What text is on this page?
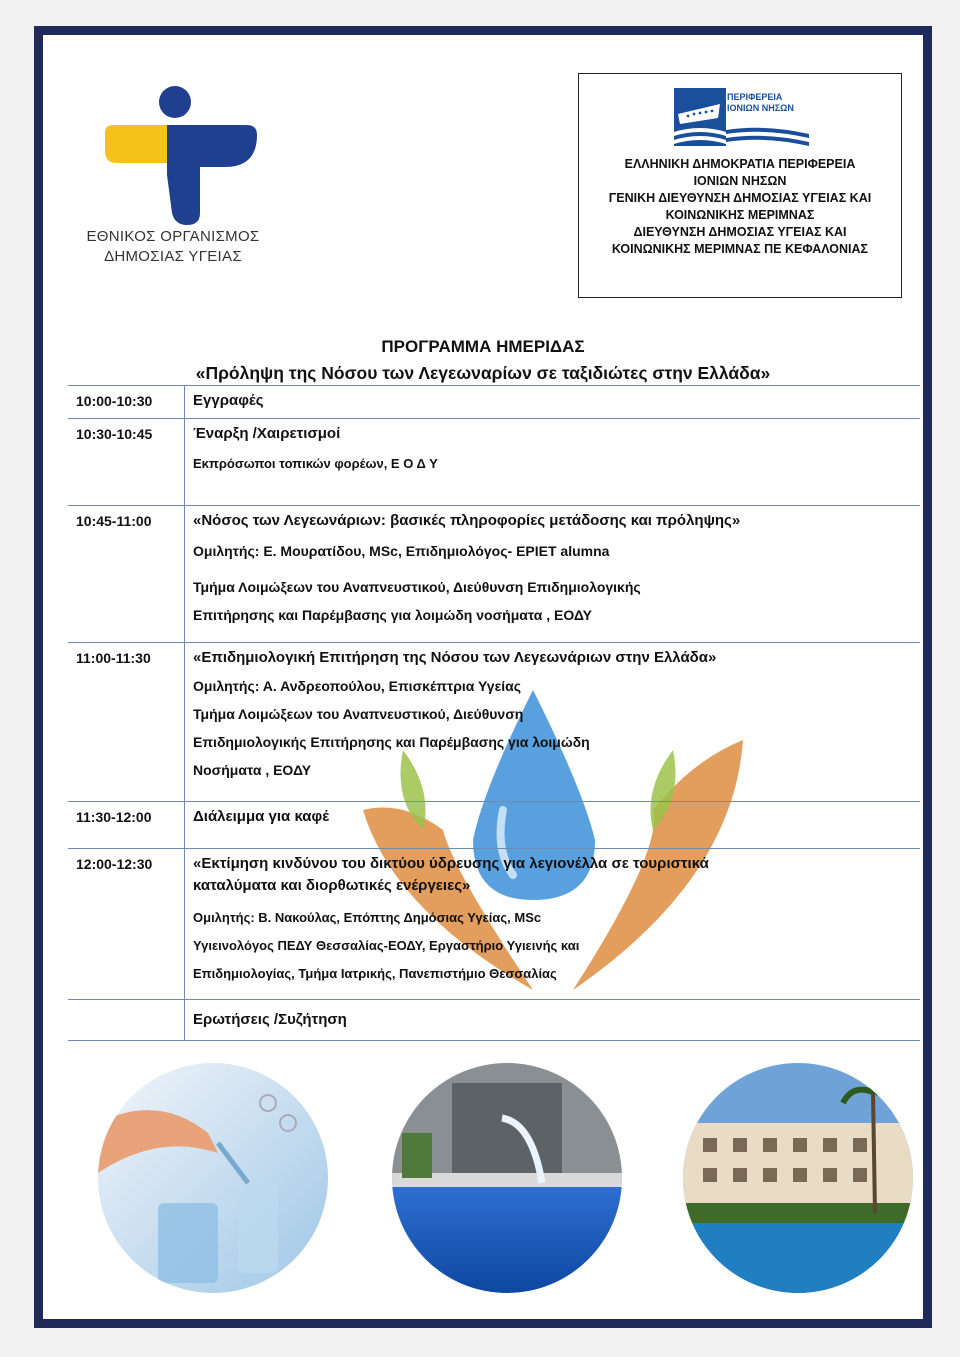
ΕΘΝΙΚΟΣ ΟΡΓΑΝΙΣΜΟΣ
ΔΗΜΟΣΙΑΣ ΥΓΕΙΑΣ
ΠΕΡΙΦΕΡΕΙΑ
ΙΟΝΙΩΝ ΝΗΣΩΝ
ΕΛΛΗΝΙΚΗ ΔΗΜΟΚΡΑΤΙΑ ΠΕΡΙΦΕΡΕΙΑ
ΙΟΝΙΩΝ ΝΗΣΩΝ
ΓΕΝΙΚΗ ΔΙΕΥΘΥΝΣΗ ΔΗΜΟΣΙΑΣ ΥΓΕΙΑΣ ΚΑΙ
ΚΟΙΝΩΝΙΚΗΣ ΜΕΡΙΜΝΑΣ
ΔΙΕΥΘΥΝΣΗ ΔΗΜΟΣΙΑΣ ΥΓΕΙΑΣ ΚΑΙ
ΚΟΙΝΩΝΙΚΗΣ ΜΕΡΙΜΝΑΣ ΠΕ ΚΕΦΑΛΟΝΙΑΣ
ΠΡΟΓΡΑΜΜΑ ΗΜΕΡΙΔΑΣ
«Πρόληψη της Νόσου των Λεγεωναρίων σε ταξιδιώτες στην Ελλάδα»
10:00-10:30	Εγγραφές
10:30-10:45	Έναρξη /Χαιρετισμοί
Εκπρόσωποι τοπικών φορέων, Ε Ο Δ Υ
10:45-11:00	«Νόσος των Λεγεωνάριων: βασικές πληροφορίες μετάδοσης και πρόληψης»
Ομιλητής: Ε. Μουρατίδου, MSc, Επιδημιολόγος- EPIET alumna
Τμήμα Λοιμώξεων του Αναπνευστικού, Διεύθυνση Επιδημιολογικής
Επιτήρησης και Παρέμβασης για λοιμώδη νοσήματα , ΕΟΔΥ
11:00-11:30	«Επιδημιολογική Επιτήρηση της Νόσου των Λεγεωνάριων στην Ελλάδα»
Ομιλητής: Α. Ανδρεοπούλου, Επισκέπτρια Υγείας
Τμήμα Λοιμώξεων του Αναπνευστικού, Διεύθυνση
Επιδημιολογικής Επιτήρησης και Παρέμβασης για λοιμώδη
Νοσήματα , ΕΟΔΥ
11:30-12:00	Διάλειμμα για καφέ
12:00-12:30	«Εκτίμηση κινδύνου του δικτύου ύδρευσης για λεγιονέλλα σε τουριστικά
καταλύματα και διορθωτικές ενέργειες»
Ομιλητής: Β. Νακούλας, Επόπτης Δημόσιας Υγείας, MSc
Υγιεινολόγος ΠΕΔΥ Θεσσαλίας-ΕΟΔΥ, Εργαστήριο Υγιεινής και
Επιδημιολογίας, Τμήμα Ιατρικής, Πανεπιστήμιο Θεσσαλίας
Ερωτήσεις /Συζήτηση
